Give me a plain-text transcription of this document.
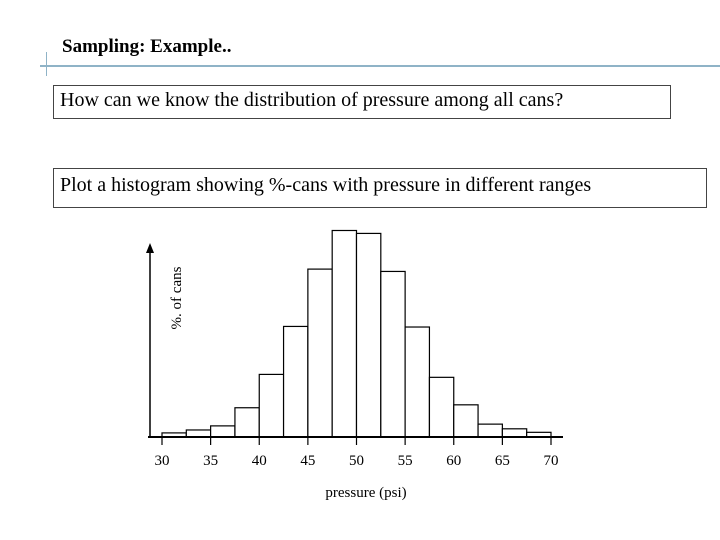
Sampling: Example..
How can we know the distribution of pressure among all cans?
Plot a histogram showing %-cans with pressure in different ranges
30 35 40 45 50 55 60 65 70
%. of cans
pressure (psi)
